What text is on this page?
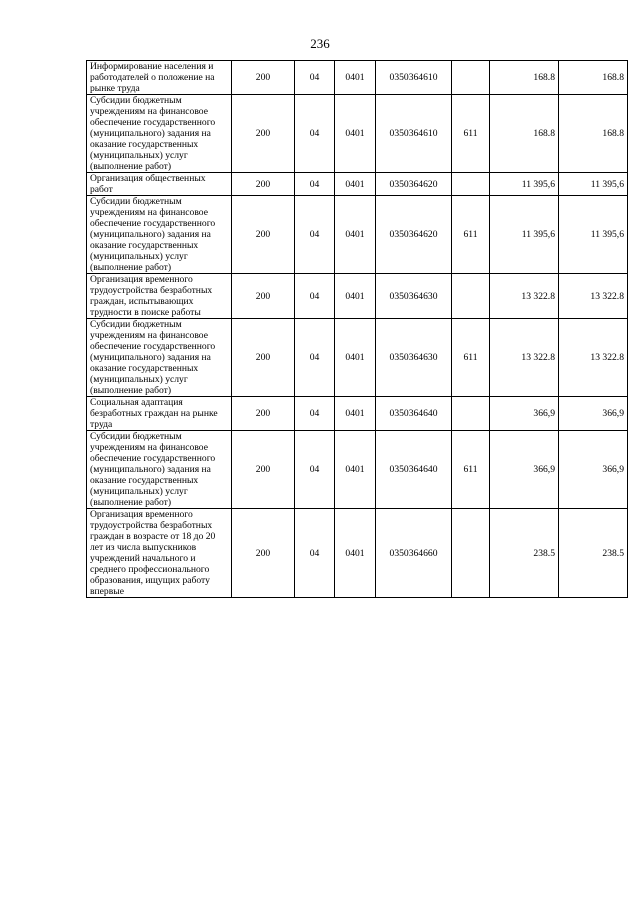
236
Информирование населения и работодателей о положение на рынке труда	200	04	0401	0350364610		168.8	168.8
Субсидии бюджетным учреждениям на финансовое обеспечение государственного (муниципального) задания на оказание государственных (муниципальных) услуг (выполнение работ)	200	04	0401	0350364610	611	168.8	168.8
Организация общественных работ	200	04	0401	0350364620		11 395,6	11 395,6
Субсидии бюджетным учреждениям на финансовое обеспечение государственного (муниципального) задания на оказание государственных (муниципальных) услуг (выполнение работ)	200	04	0401	0350364620	611	11 395,6	11 395,6
Организация временного трудоустройства безработных граждан, испытывающих трудности в поиске работы	200	04	0401	0350364630		13 322.8	13 322.8
Субсидии бюджетным учреждениям на финансовое обеспечение государственного (муниципального) задания на оказание государственных (муниципальных) услуг (выполнение работ)	200	04	0401	0350364630	611	13 322.8	13 322.8
Социальная адаптация безработных граждан на рынке труда	200	04	0401	0350364640		366,9	366,9
Субсидии бюджетным учреждениям на финансовое обеспечение государственного (муниципального) задания на оказание государственных (муниципальных) услуг (выполнение работ)	200	04	0401	0350364640	611	366,9	366,9
Организация временного трудоустройства безработных граждан в возрасте от 18 до 20 лет из числа выпускников учреждений начального и среднего профессионального образования, ищущих работу впервые	200	04	0401	0350364660		238.5	238.5
